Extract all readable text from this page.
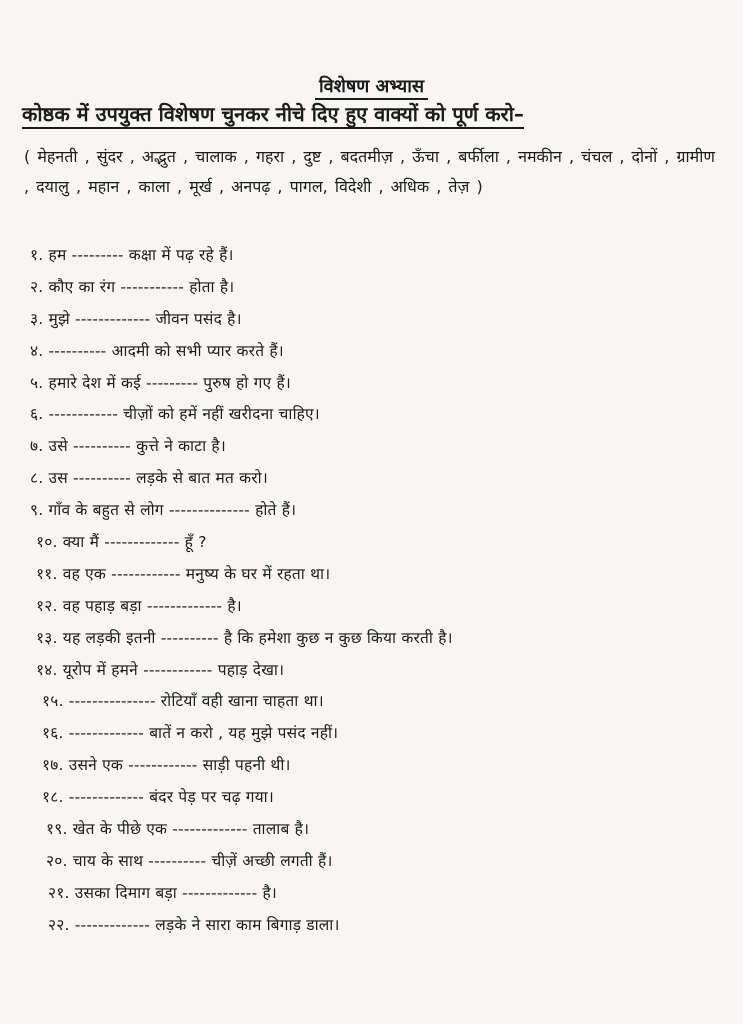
विशेषण अभ्यास
कोष्ठक में उपयुक्त विशेषण चुनकर नीचे दिए हुए वाक्यों को पूर्ण करो–
( मेहनती , सुंदर , अद्भुत , चालाक , गहरा , दुष्ट , बदतमीज़ , ऊँचा , बर्फीला , नमकीन , चंचल , दोनों , ग्रामीण , दयालु , महान , काला , मूर्ख , अनपढ़ , पागल, विदेशी , अधिक , तेज़ )
१. हम --------- कक्षा में पढ़ रहे हैं।
२. कौए का रंग ----------- होता है।
३. मुझे ------------- जीवन पसंद है।
४. ---------- आदमी को सभी प्यार करते हैं।
५. हमारे देश में कई --------- पुरुष हो गए हैं।
६. ------------ चीज़ों को हमें नहीं खरीदना चाहिए।
७. उसे ---------- कुत्ते ने काटा है।
८. उस ---------- लड़के से बात मत करो।
९. गाँव के बहुत से लोग -------------- होते हैं।
१०. क्या मैं ------------- हूँ ?
११. वह एक ------------ मनुष्य के घर में रहता था।
१२. वह पहाड़ बड़ा ------------- है।
१३. यह लड़की इतनी ---------- है कि हमेशा कुछ न कुछ किया करती है।
१४. यूरोप में हमने ------------ पहाड़ देखा।
१५. --------------- रोटियाँ वही खाना चाहता था।
१६. ------------- बातें न करो , यह मुझे पसंद नहीं।
१७. उसने एक ------------ साड़ी पहनी थी।
१८. ------------- बंदर पेड़ पर चढ़ गया।
१९. खेत के पीछे एक ------------- तालाब है।
२०. चाय के साथ ---------- चीज़ें अच्छी लगती हैं।
२१. उसका दिमाग बड़ा ------------- है।
२२. ------------- लड़के ने सारा काम बिगाड़ डाला।
